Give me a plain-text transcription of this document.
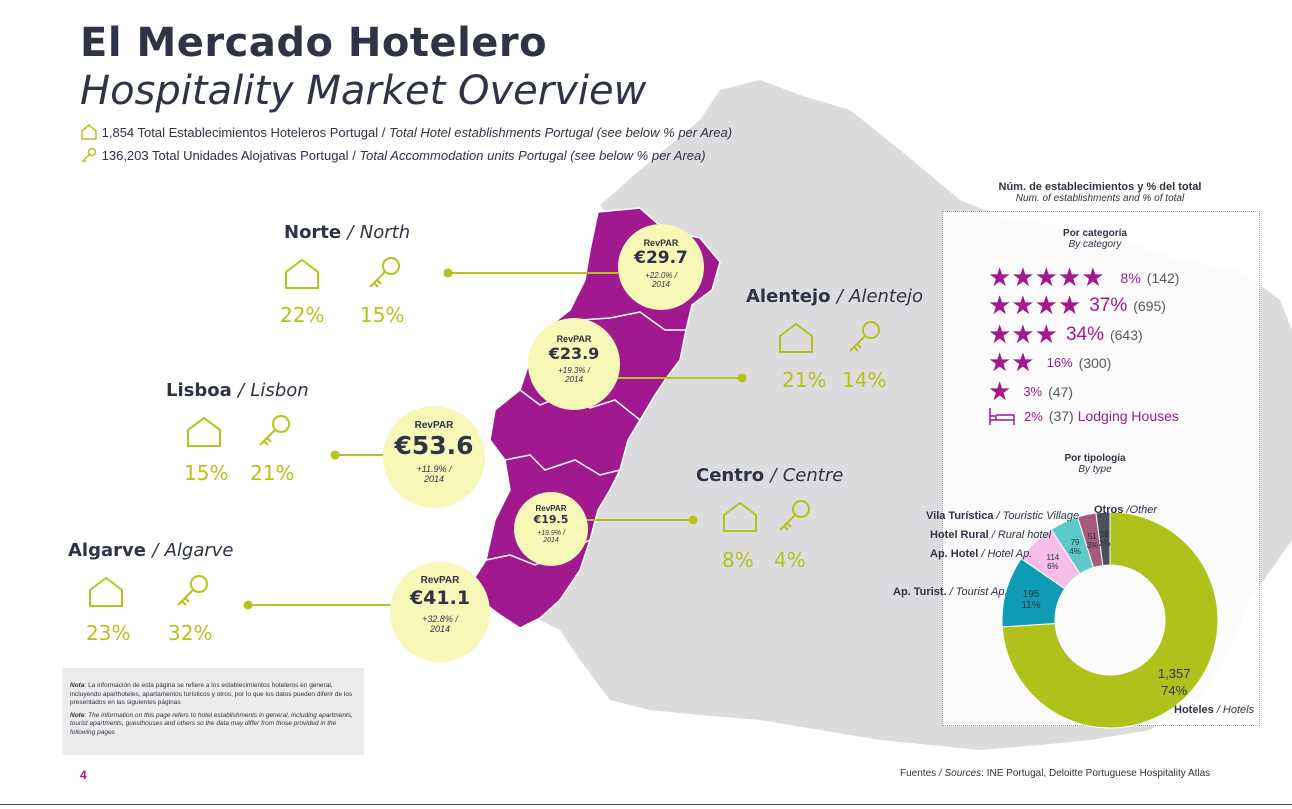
El Mercado Hotelero
Hospitality Market Overview
1,854 Total Establecimientos Hoteleros Portugal / Total Hotel establishments Portugal (see below % per Area)
136,203 Total Unidades Alojativas Portugal / Total Accommodation units Portugal (see below % per Area)
Norte / North
22% 15%
RevPAR
€29.7
+22.0% /
2014
Alentejo / Alentejo
21% 14%
RevPAR
€23.9
+19.3% /
2014
Lisboa / Lisbon
15% 21%
RevPAR
€53.6
+11.9% /
2014	Centro / Centre
8% 4%
RevPAR
€19.5
+19.9% /
2014
Algarve / Algarve
23% 32%
RevPAR
€41.1
+32.8% /
2014
Núm. de establecimientos y % del total
Num. of establishments and % of total
Por categoría
By category
★★★★★ 8% (142)
★★★★ 37% (695)
★★★ 34% (643)
★★ 16% (300)
★ 3% (47)
2% (37) Lodging Houses
Por tipología
By type
1,357
74%
195
11%
114
6%
79
4%
51
3%
38
2%
Otros /Other
Vila Turística / Touristic Village
Hotel Rural / Rural hotel
Ap. Hotel / Hotel Ap.
Ap. Turist. / Tourist Ap.
Hoteles / Hotels
Nota: La información de esta página se refiere a los establecimientos hoteleros en general, incluyendo aparthoteles, apartamentos turísticos y otros, por lo que los datos pueden diferir de los presentados en las siguientes páginas
Note: The information on this page refers to hotel establishments in general, including apartments, tourist apartments, guesthouses and others so the data may differ from those provided in the following pages
4	Fuentes / Sources: INE Portugal, Deloitte Portuguese Hospitality Atlas
